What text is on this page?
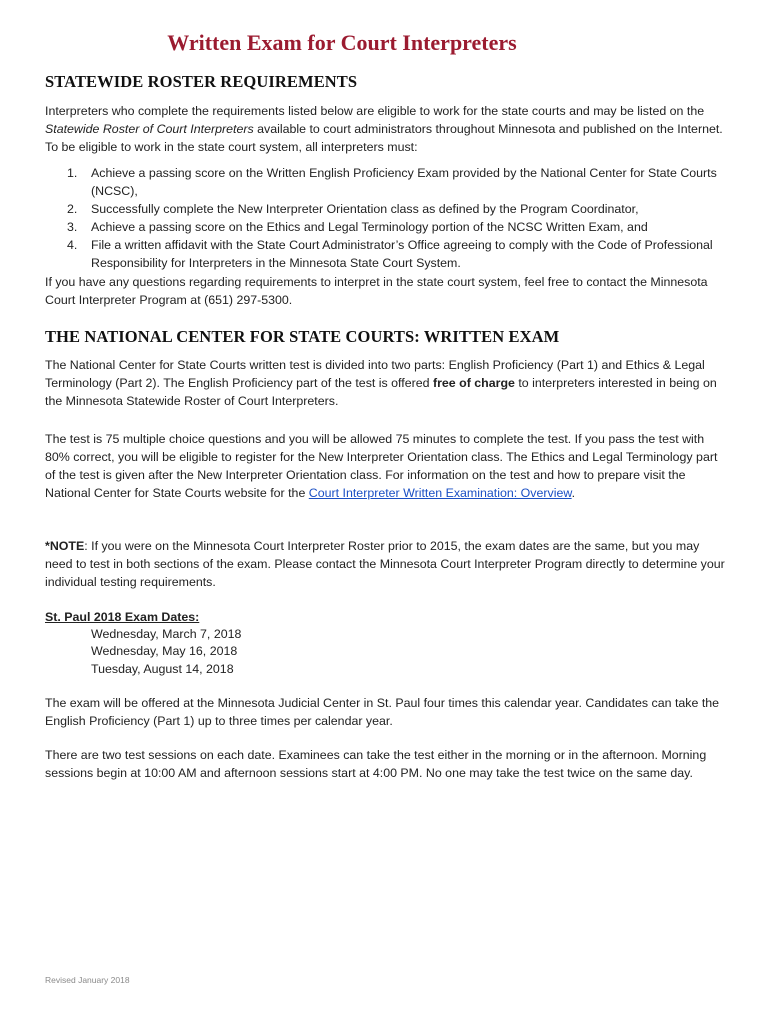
Written Exam for Court Interpreters
STATEWIDE ROSTER REQUIREMENTS

Interpreters who complete the requirements listed below are eligible to work for the state courts and may be listed on the Statewide Roster of Court Interpreters available to court administrators throughout Minnesota and published on the Internet. To be eligible to work in the state court system, all interpreters must:

1. Achieve a passing score on the Written English Proficiency Exam provided by the National Center for State Courts (NCSC),
2. Successfully complete the New Interpreter Orientation class as defined by the Program Coordinator,
3. Achieve a passing score on the Ethics and Legal Terminology portion of the NCSC Written Exam, and
4. File a written affidavit with the State Court Administrator’s Office agreeing to comply with the Code of Professional Responsibility for Interpreters in the Minnesota State Court System.

If you have any questions regarding requirements to interpret in the state court system, feel free to contact the Minnesota Court Interpreter Program at (651) 297-5300.

THE NATIONAL CENTER FOR STATE COURTS: WRITTEN EXAM

The National Center for State Courts written test is divided into two parts: English Proficiency (Part 1) and Ethics & Legal Terminology (Part 2). The English Proficiency part of the test is offered free of charge to interpreters interested in being on the Minnesota Statewide Roster of Court Interpreters.

The test is 75 multiple choice questions and you will be allowed 75 minutes to complete the test. If you pass the test with 80% correct, you will be eligible to register for the New Interpreter Orientation class. The Ethics and Legal Terminology part of the test is given after the New Interpreter Orientation class. For information on the test and how to prepare visit the National Center for State Courts website for the Court Interpreter Written Examination: Overview.

*NOTE: If you were on the Minnesota Court Interpreter Roster prior to 2015, the exam dates are the same, but you may need to test in both sections of the exam. Please contact the Minnesota Court Interpreter Program directly to determine your individual testing requirements.

St. Paul 2018 Exam Dates:

Wednesday, March 7, 2018

Wednesday, May 16, 2018

Tuesday, August 14, 2018

The exam will be offered at the Minnesota Judicial Center in St. Paul four times this calendar year. Candidates can take the English Proficiency (Part 1) up to three times per calendar year.

There are two test sessions on each date. Examinees can take the test either in the morning or in the afternoon. Morning sessions begin at 10:00 AM and afternoon sessions start at 4:00 PM. No one may take the test twice on the same day.

Revised January 2018
